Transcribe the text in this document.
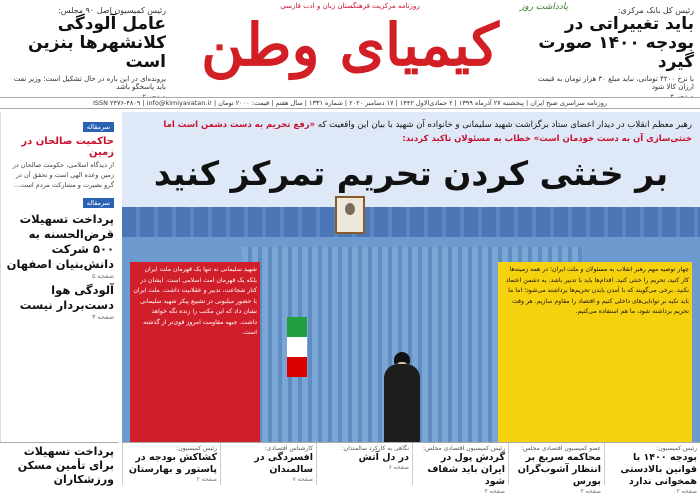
رئیس کل بانک مرکزی:
باید تغییراتی در بودجه ۱۴۰۰ صورت گیرد
با نرخ ۴۲۰۰ تومانی، نباید مبلغ ۳۰ هزار تومان به قیمت ارزان کالا شود
روزنامه مرکزیت فرهنگستان زبان و ادب فارسی
کیمیای وطن
یادداشت روز
رئیس کمیسیون اصل ۹۰ مجلس:
عامل آلودگی کلانشهرها بنزین است
پرونده‌ای در این باره در حال تشکیل است؛ وزیر نفت باید پاسخگو باشد
روزنامه سراسری صبح ایران | پنجشنبه ۲۷ آذرماه ۱۳۹۹ | ۲ جمادی‌الاول ۱۴۴۲ | ۱۷ دسامبر ۲۰۲۰ | شماره ۱۳۳۱ | سال هفتم | قیمت: ۲۰۰۰ تومان | ISSN ۲۴۷۶-۴۸۰۹ | info@kimiyavatan.ir
سرمقاله
حاکمیت صالحان در زمین

از دیدگاه اسلامی، حکومت صالحان در زمین وعده الهی است و تحقق آن در گرو بصیرت و مشارکت مردم است...

سرمقاله
پرداخت تسهیلات قرض‌الحسنه به ۵۰۰ شرکت دانش‌بنیان اصفهان
صفحه ۵
آلودگی هوا دست‌بردار نیست
صفحه ۳
رهبر معظم انقلاب در دیدار اعضای ستاد برگزاشت شهید سلیمانی و خانواده آن شهید با بیان این واقعیت که «رفع تحریم به دست دشمن است اما خنثی‌سازی آن به دست خودمان است» خطاب به مسئولان تاکید کردند:
بر خنثی کردن تحریم تمرکز کنید
شهید سلیمانی نه تنها یک قهرمان ملت ایران بلکه یک قهرمان امت اسلامی است. ایشان در کنار شجاعت، تدبیر و عقلانیت داشت. ملت ایران با حضور میلیونی در تشییع پیکر شهید سلیمانی نشان داد که این مکتب را زنده نگه خواهد داشت. جبهه مقاومت امروز قوی‌تر از گذشته است.
چهار توصیه مهم رهبر انقلاب به مسئولان و ملت ایران؛ در همه زمینه‌ها کار کنید، تحریم را خنثی کنید. اقدام‌ها باید با تدبیر باشد. به دشمن اعتماد نکنید. برخی می‌گویند که با آمدن بایدن تحریم‌ها برداشته می‌شود؛ اما ما باید تکیه بر توانایی‌های داخلی کنیم و اقتصاد را مقاوم سازیم. هر وقت تحریم برداشته شود، ما هم استفاده می‌کنیم.
پرداخت تسهیلات برای تأمین مسکن ورزشکاران
رئیس کمیسیون:
بودجه ۱۴۰۰ با قوانین بالادستی همخوانی ندارد
صفحه ۲
عضو کمیسیون اقتصادی مجلس:
محاکمه سریع بر انتظار آشوب‌گران بورس
صفحه ۴
رئیس کمیسیون اقتصادی مجلس:
گردش پول در ایران باید شفاف شود
صفحه ۴
نگاهی به کارکرد سالمندان:
در دل آتش
صفحه ۶
کارشناس اقتصادی:
افسردگی در سالمندان
صفحه ۷
رئیس کمیسیون:
کشاکش بودجه در پاستور و بهارستان
صفحه ۲
